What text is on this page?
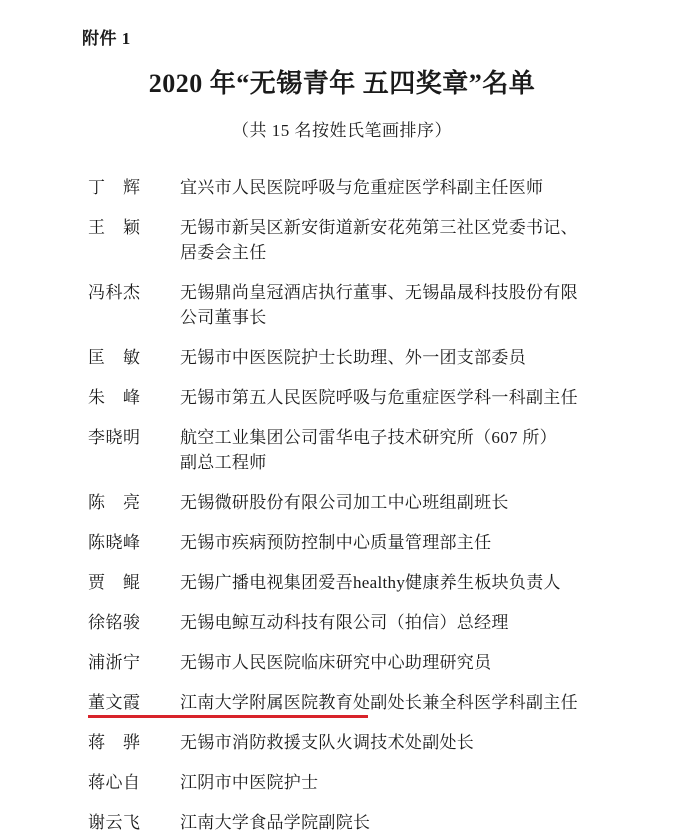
附件 1
2020 年“无锡青年 五四奖章”名单
（共 15 名按姓氏笔画排序）
丁　辉	宜兴市人民医院呼吸与危重症医学科副主任医师
王　颖	无锡市新吴区新安街道新安花苑第三社区党委书记、
居委会主任
冯科杰	无锡鼎尚皇冠酒店执行董事、无锡晶晟科技股份有限
公司董事长
匡　敏	无锡市中医医院护士长助理、外一团支部委员
朱　峰	无锡市第五人民医院呼吸与危重症医学科一科副主任
李晓明	航空工业集团公司雷华电子技术研究所（607 所）
副总工程师
陈　亮	无锡微研股份有限公司加工中心班组副班长
陈晓峰	无锡市疾病预防控制中心质量管理部主任
贾　鲲	无锡广播电视集团爱吾healthy健康养生板块负责人
徐铭骏	无锡电鲸互动科技有限公司（拍信）总经理
浦浙宁	无锡市人民医院临床研究中心助理研究员
董文霞	江南大学附属医院教育处副处长兼全科医学科副主任
蒋　骅	无锡市消防救援支队火调技术处副处长
蒋心自	江阴市中医院护士
谢云飞	江南大学食品学院副院长
